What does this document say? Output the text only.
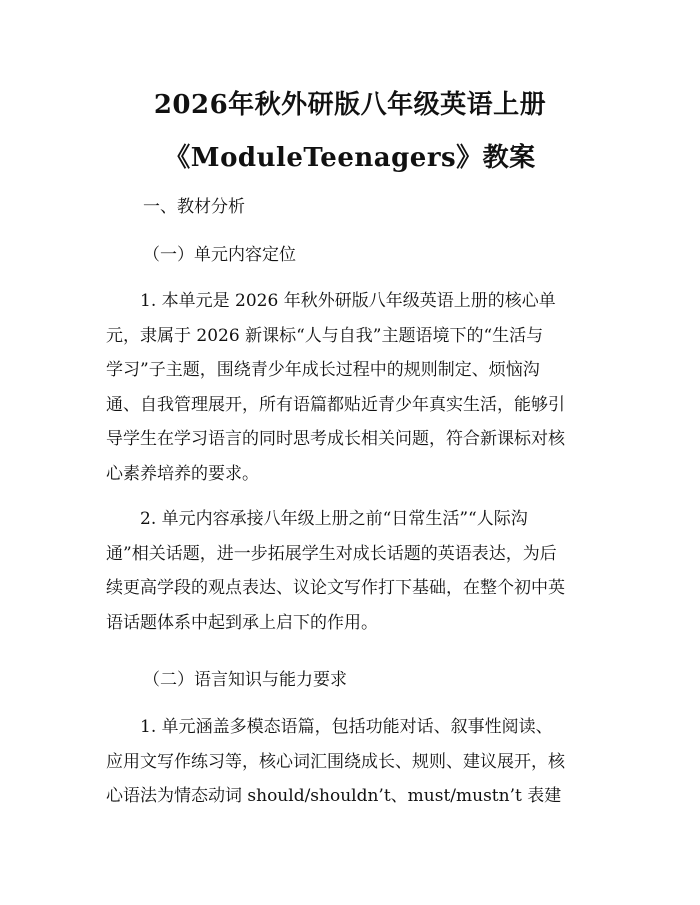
2026年秋外研版八年级英语上册
《ModuleTeenagers》教案
一、教材分析
（一）单元内容定位
1. 本单元是 2026 年秋外研版八年级英语上册的核心单
元，隶属于 2026 新课标“人与自我”主题语境下的“生活与
学习”子主题，围绕青少年成长过程中的规则制定、烦恼沟
通、自我管理展开，所有语篇都贴近青少年真实生活，能够引
导学生在学习语言的同时思考成长相关问题，符合新课标对核
心素养培养的要求。
2. 单元内容承接八年级上册之前“日常生活”“人际沟
通”相关话题，进一步拓展学生对成长话题的英语表达，为后
续更高学段的观点表达、议论文写作打下基础，在整个初中英
语话题体系中起到承上启下的作用。
（二）语言知识与能力要求
1. 单元涵盖多模态语篇，包括功能对话、叙事性阅读、
应用文写作练习等，核心词汇围绕成长、规则、建议展开，核
心语法为情态动词 should/shouldn’t、must/mustn’t 表建
